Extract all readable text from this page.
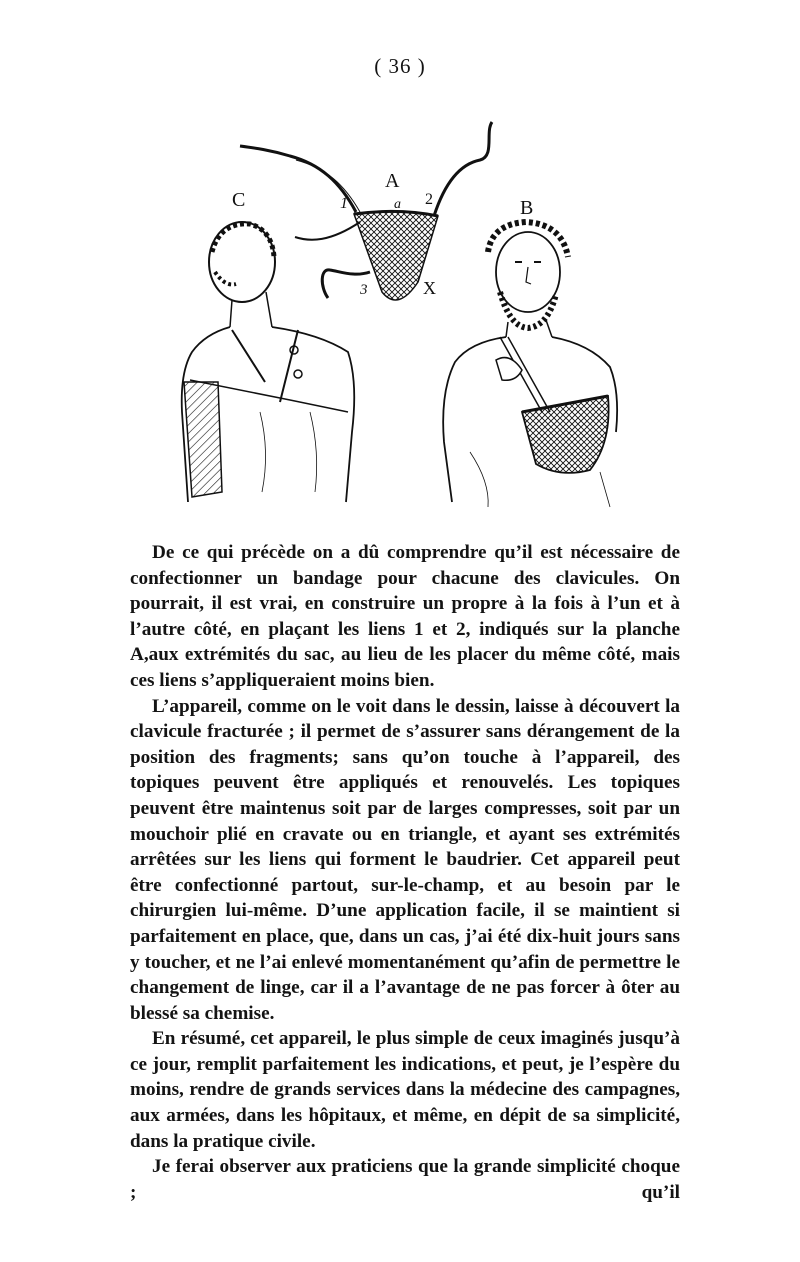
( 36 )
A
a
1	2
3	X
B
C

De ce qui précède on a dû comprendre qu’il est nécessaire de confectionner un bandage pour chacune des clavicules. On pourrait, il est vrai, en construire un propre à la fois à l’un et à l’autre côté, en plaçant les liens 1 et 2, indiqués sur la planche A,aux extrémités du sac, au lieu de les placer du même côté, mais ces liens s’appliqueraient moins bien.

L’appareil, comme on le voit dans le dessin, laisse à découvert la clavicule fracturée ; il permet de s’assurer sans dérangement de la position des fragments; sans qu’on touche à l’appareil, des topiques peuvent être appliqués et renouvelés. Les topiques peuvent être maintenus soit par de larges compresses, soit par un mouchoir plié en cravate ou en triangle, et ayant ses extrémités arrêtées sur les liens qui forment le baudrier. Cet appareil peut être confectionné partout, sur-le-champ, et au besoin par le chirurgien lui-même. D’une application facile, il se maintient si parfaitement en place, que, dans un cas, j’ai été dix-huit jours sans y toucher, et ne l’ai enlevé momentanément qu’afin de permettre le changement de linge, car il a l’avantage de ne pas forcer à ôter au blessé sa chemise.

En résumé, cet appareil, le plus simple de ceux imaginés jusqu’à ce jour, remplit parfaitement les indications, et peut, je l’espère du moins, rendre de grands services dans la médecine des campagnes, aux armées, dans les hôpitaux, et même, en dépit de sa simplicité, dans la pratique civile.

Je ferai observer aux praticiens que la grande simplicité choque ; qu’il
